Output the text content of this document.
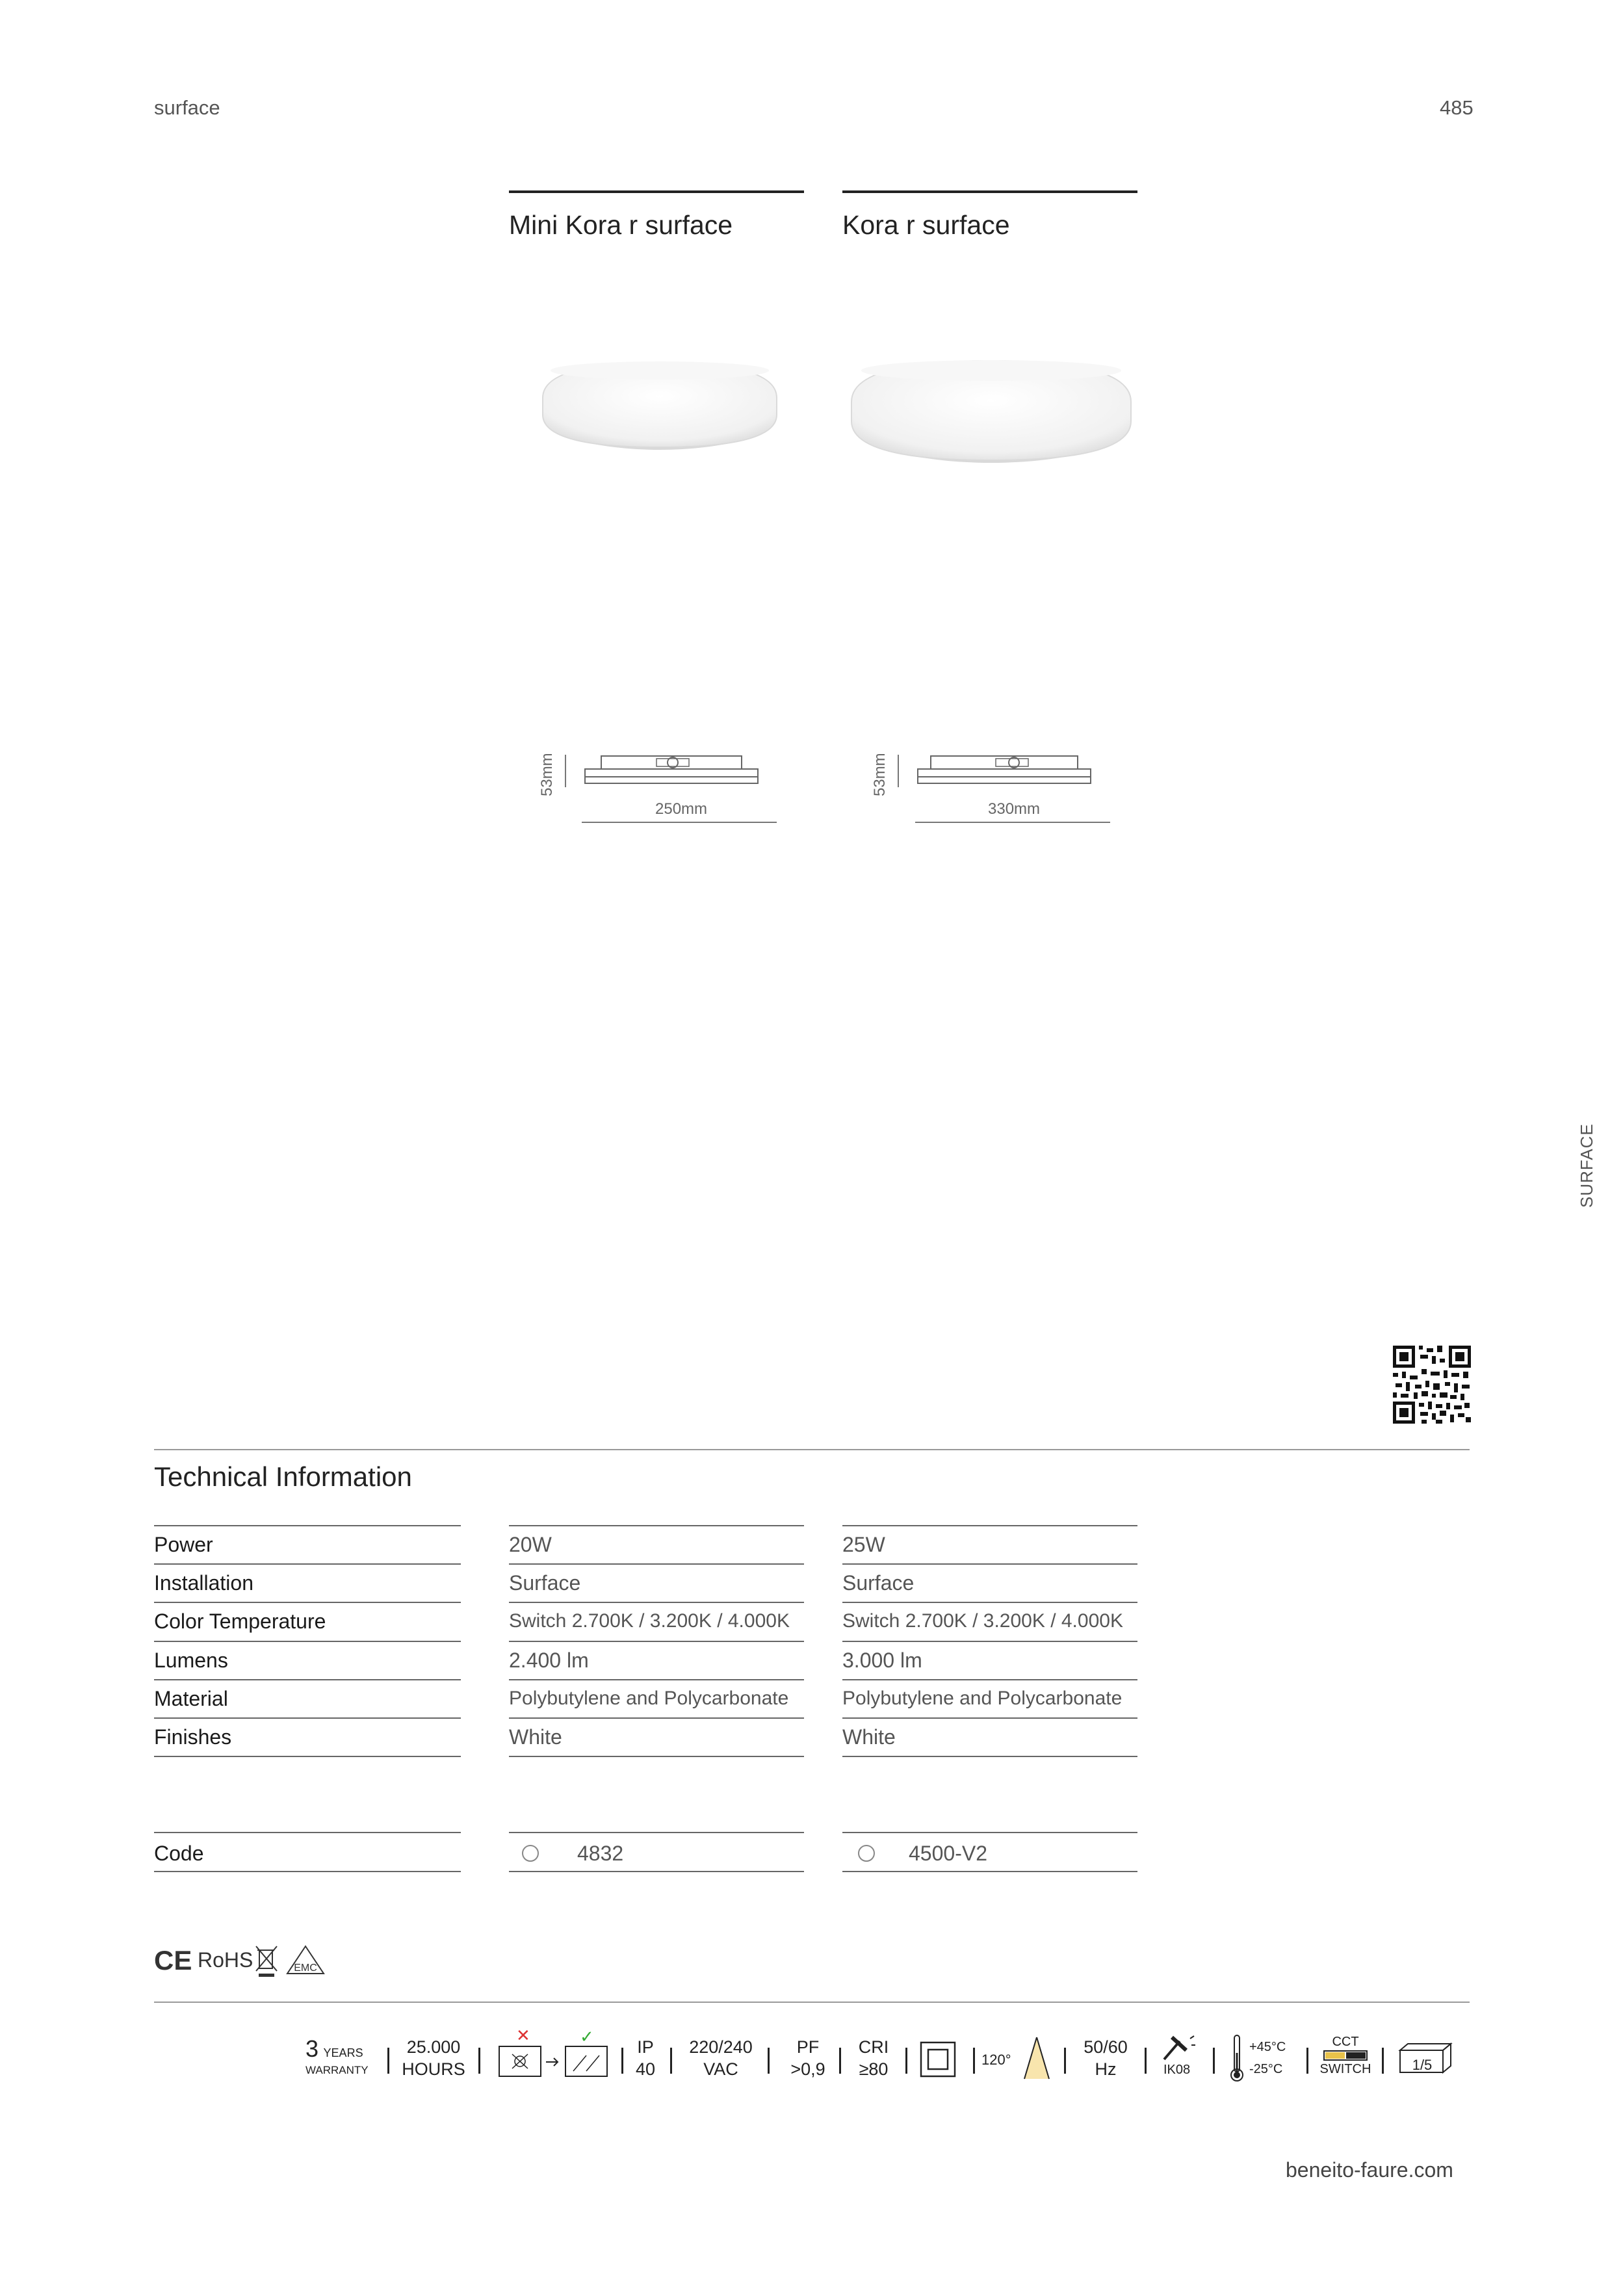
surface	485
Mini Kora r surface	Kora r surface
53mm
250mm
53mm
330mm
SURFACE
Technical Information
Power	20W	25W
Installation	Surface	Surface
Color Temperature	Switch 2.700K / 3.200K / 4.000K	Switch 2.700K / 3.200K / 4.000K
Lumens	2.400 lm	3.000 lm
Material	Polybutylene and Polycarbonate	Polybutylene and Polycarbonate
Finishes	White	White
Code	4832	4500-V2
CE RoHS	EMC
3 YEARS
WARRANTY
25.000
HOURS
✕	✓	IP
40
220/240
VAC
PF
>0,9
CRI
≥80	120°
50/60
Hz	IK08
+45°C
-25°C
CCT
SWITCH	1/5
beneito-faure.com
